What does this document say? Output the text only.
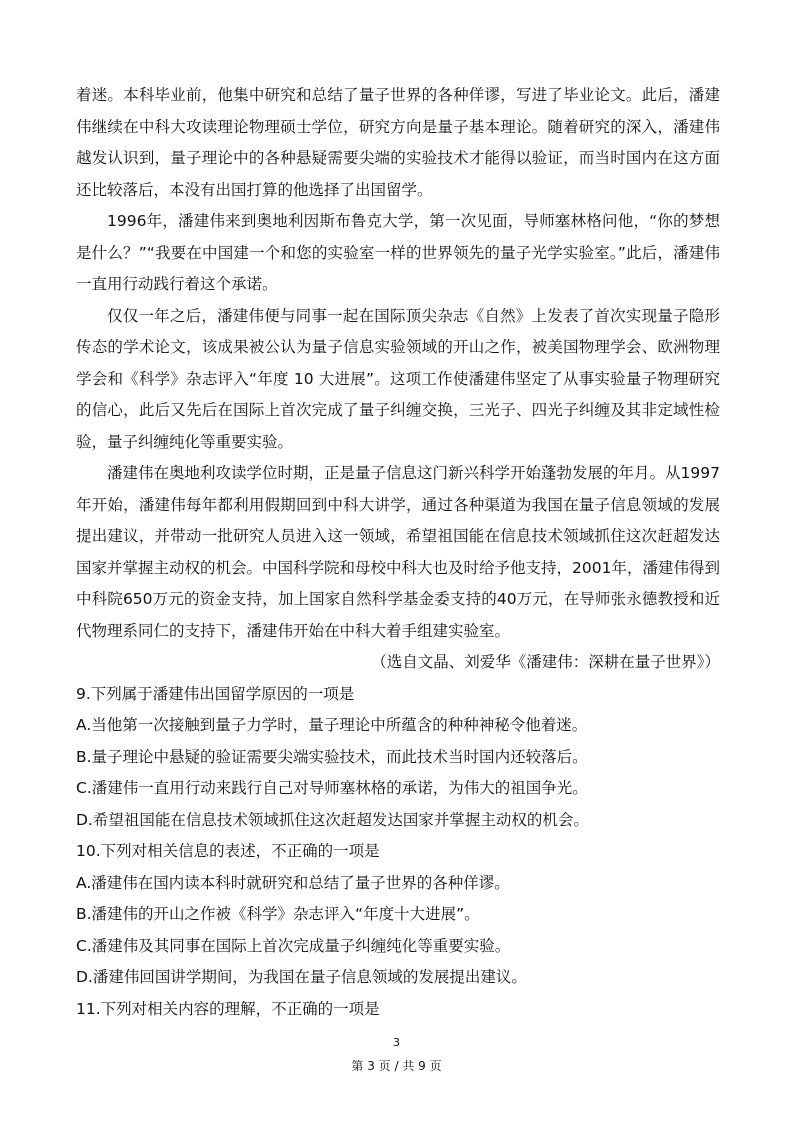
着迷。本科毕业前，他集中研究和总结了量子世界的各种佯谬，写进了毕业论文。此后，潘建伟继续在中科大攻读理论物理硕士学位，研究方向是量子基本理论。随着研究的深入，潘建伟越发认识到，量子理论中的各种悬疑需要尖端的实验技术才能得以验证，而当时国内在这方面还比较落后，本没有出国打算的他选择了出国留学。

1996年，潘建伟来到奥地利因斯布鲁克大学，第一次见面，导师塞林格问他，“你的梦想是什么？”“我要在中国建一个和您的实验室一样的世界领先的量子光学实验室。”此后，潘建伟一直用行动践行着这个承诺。

仅仅一年之后，潘建伟便与同事一起在国际顶尖杂志《自然》上发表了首次实现量子隐形传态的学术论文，该成果被公认为量子信息实验领域的开山之作，被美国物理学会、欧洲物理学会和《科学》杂志评入“年度 10 大进展”。这项工作使潘建伟坚定了从事实验量子物理研究的信心，此后又先后在国际上首次完成了量子纠缠交换，三光子、四光子纠缠及其非定域性检验，量子纠缠纯化等重要实验。

潘建伟在奥地利攻读学位时期，正是量子信息这门新兴科学开始蓬勃发展的年月。从1997年开始，潘建伟每年都利用假期回到中科大讲学，通过各种渠道为我国在量子信息领域的发展提出建议，并带动一批研究人员进入这一领域，希望祖国能在信息技术领域抓住这次赶超发达国家并掌握主动权的机会。中国科学院和母校中科大也及时给予他支持，2001年，潘建伟得到中科院650万元的资金支持，加上国家自然科学基金委支持的40万元，在导师张永德教授和近代物理系同仁的支持下，潘建伟开始在中科大着手组建实验室。

（选自文晶、刘爱华《潘建伟：深耕在量子世界》）

9.下列属于潘建伟出国留学原因的一项是

A.当他第一次接触到量子力学时，量子理论中所蕴含的种种神秘令他着迷。

B.量子理论中悬疑的验证需要尖端实验技术，而此技术当时国内还较落后。

C.潘建伟一直用行动来践行自己对导师塞林格的承诺，为伟大的祖国争光。

D.希望祖国能在信息技术领域抓住这次赶超发达国家并掌握主动权的机会。

10.下列对相关信息的表述，不正确的一项是

A.潘建伟在国内读本科时就研究和总结了量子世界的各种佯谬。

B.潘建伟的开山之作被《科学》杂志评入“年度十大进展”。

C.潘建伟及其同事在国际上首次完成量子纠缠纯化等重要实验。

D.潘建伟回国讲学期间，为我国在量子信息领域的发展提出建议。

11.下列对相关内容的理解，不正确的一项是

3
第 3 页 / 共 9 页
